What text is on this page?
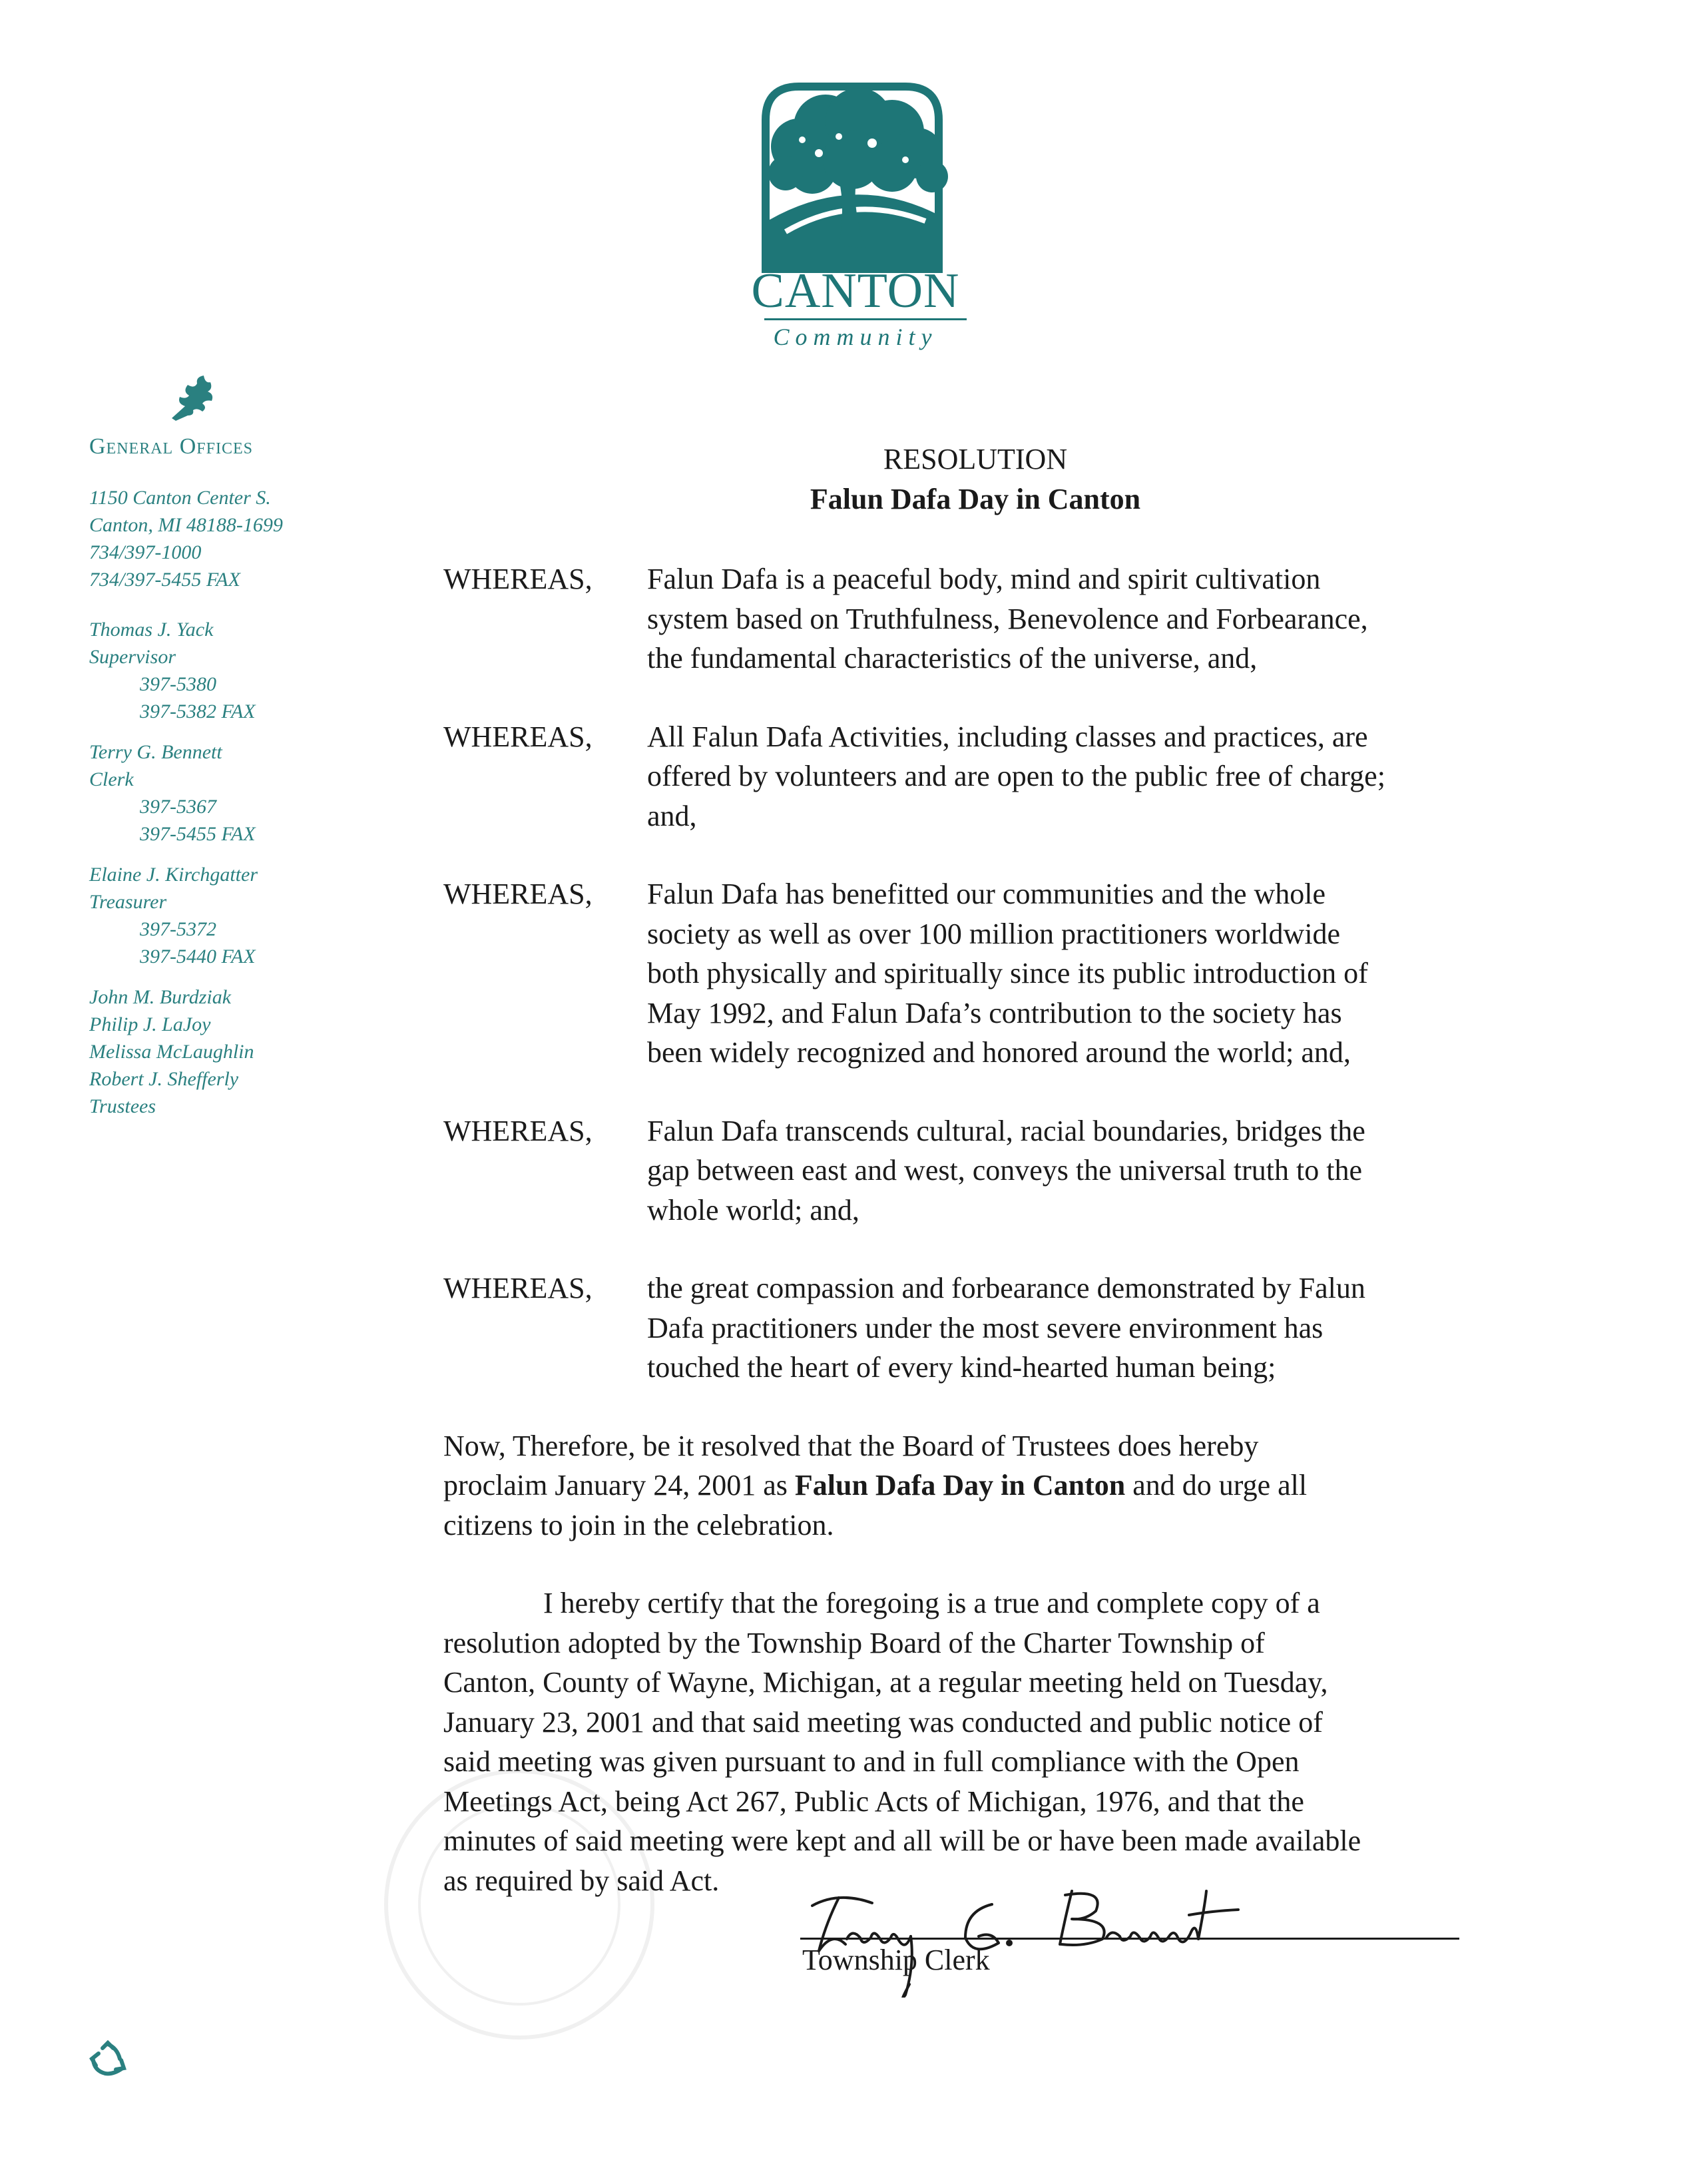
CANTON
Community
General Offices
1150 Canton Center S.
Canton, MI 48188-1699
734/397-1000
734/397-5455 FAX
Thomas J. Yack
Supervisor
397-5380
397-5382 FAX
Terry G. Bennett
Clerk
397-5367
397-5455 FAX
Elaine J. Kirchgatter
Treasurer
397-5372
397-5440 FAX
John M. Burdziak
Philip J. LaJoy
Melissa McLaughlin
Robert J. Shefferly
Trustees
RESOLUTION
Falun Dafa Day in Canton
WHEREAS,	Falun Dafa is a peaceful body, mind and spirit cultivation
system based on Truthfulness, Benevolence and Forbearance,
the fundamental characteristics of the universe, and,
WHEREAS,	All Falun Dafa Activities, including classes and practices, are
offered by volunteers and are open to the public free of charge;
and,
WHEREAS,	Falun Dafa has benefitted our communities and the whole
society as well as over 100 million practitioners worldwide
both physically and spiritually since its public introduction of
May 1992, and Falun Dafa’s contribution to the society has
been widely recognized and honored around the world; and,
WHEREAS,	Falun Dafa transcends cultural, racial boundaries, bridges the
gap between east and west, conveys the universal truth to the
whole world; and,
WHEREAS,	the great compassion and forbearance demonstrated by Falun
Dafa practitioners under the most severe environment has
touched the heart of every kind-hearted human being;
Now, Therefore, be it resolved that the Board of Trustees does hereby
proclaim January 24, 2001 as Falun Dafa Day in Canton and do urge all
citizens to join in the celebration.
I hereby certify that the foregoing is a true and complete copy of a
resolution adopted by the Township Board of the Charter Township of
Canton, County of Wayne, Michigan, at a regular meeting held on Tuesday,
January 23, 2001 and that said meeting was conducted and public notice of
said meeting was given pursuant to and in full compliance with the Open
Meetings Act, being Act 267, Public Acts of Michigan, 1976, and that the
minutes of said meeting were kept and all will be or have been made available
as required by said Act.
Township Clerk
